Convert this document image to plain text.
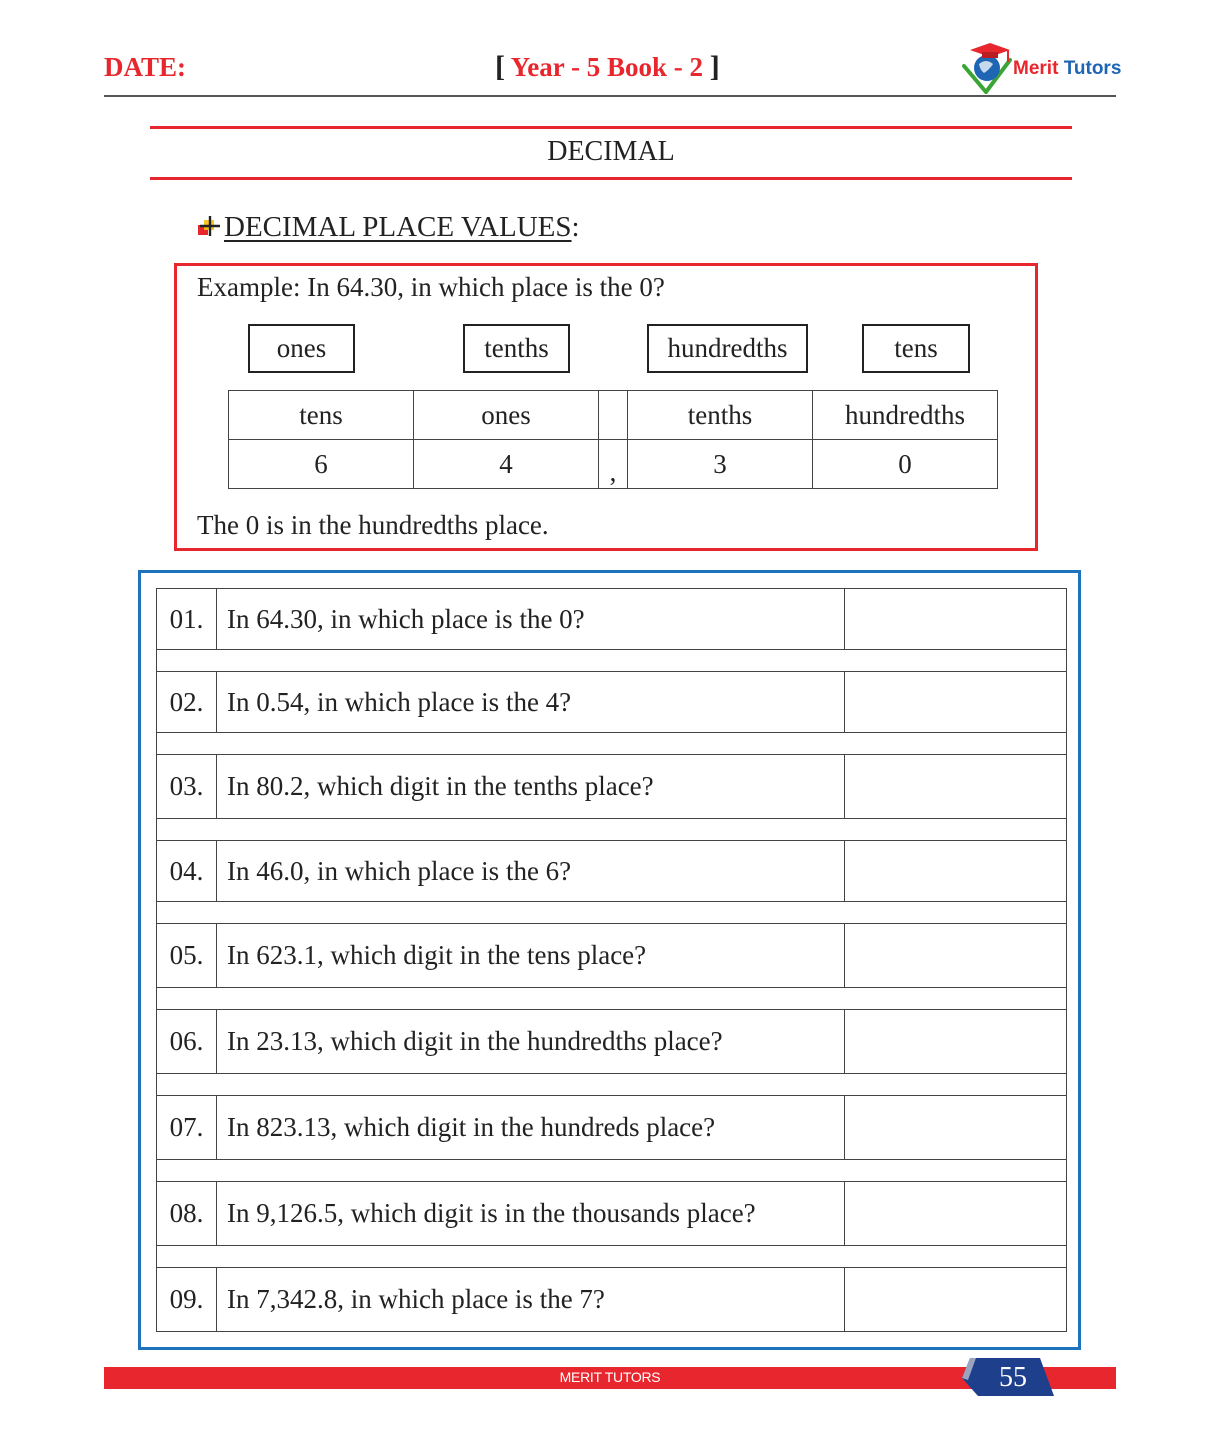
DATE:	[ Year - 5 Book - 2 ]	Merit Tutors
DECIMAL
DECIMAL PLACE VALUES:
Example: In 64.30, in which place is the 0?
ones	tenths	hundredths	tens
tens	ones		tenths	hundredths
6	4	,	3	0
The 0 is in the hundredths place.
01.	In 64.30, in which place is the 0?	

02.	In 0.54, in which place is the 4?	

03.	In 80.2, which digit in the tenths place?	

04.	In 46.0, in which place is the 6?	

05.	In 623.1, which digit in the tens place?	

06.	In 23.13, which digit in the hundredths place?	

07.	In 823.13, which digit in the hundreds place?	

08.	In 9,126.5, which digit is in the thousands place?	

09.	In 7,342.8, in which place is the 7?	
MERIT TUTORS	55
